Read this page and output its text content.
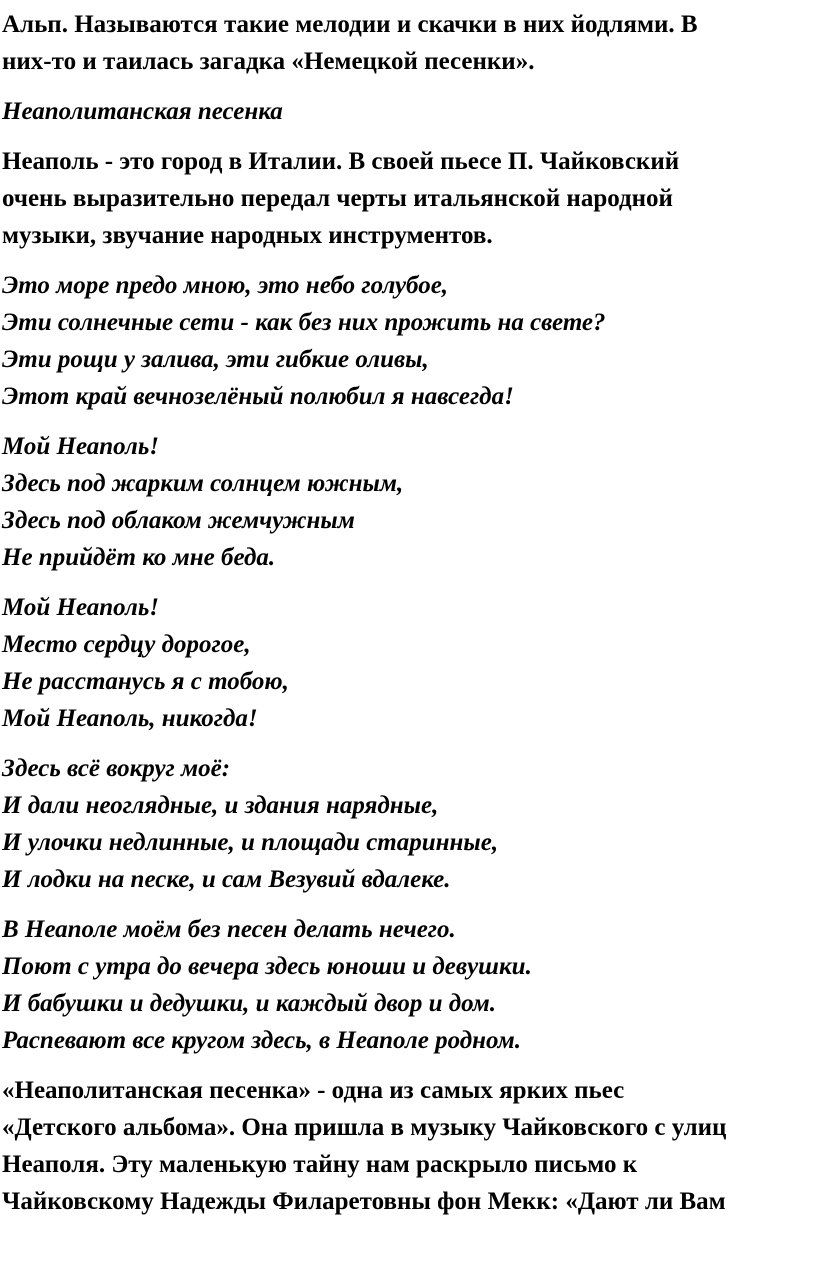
Альп. Называются такие мелодии и скачки в них йодлями. В
них-то и таилась загадка «Немецкой песенки».
Неаполитанская песенка
Неаполь - это город в Италии. В своей пьесе П. Чайковский
очень выразительно передал черты итальянской народной
музыки, звучание народных инструментов.
Это море предо мною, это небо голубое,
Эти солнечные сети - как без них прожить на свете?
Эти рощи у залива, эти гибкие оливы,
Этот край вечнозелёный полюбил я навсегда!
Мой Неаполь!
Здесь под жарким солнцем южным,
Здесь под облаком жемчужным
Не прийдёт ко мне беда.
Мой Неаполь!
Место сердцу дорогое,
Не расстанусь я с тобою,
Мой Неаполь, никогда!
Здесь всё вокруг моё:
И дали неоглядные, и здания нарядные,
И улочки недлинные, и площади старинные,
И лодки на песке, и сам Везувий вдалеке.
В Неаполе моём без песен делать нечего.
Поют с утра до вечера здесь юноши и девушки.
И бабушки и дедушки, и каждый двор и дом.
Распевают все кругом здесь, в Неаполе родном.
«Неаполитанская песенка» - одна из самых ярких пьес
«Детского альбома». Она пришла в музыку Чайковского с улиц
Неаполя. Эту маленькую тайну нам раскрыло письмо к
Чайковскому Надежды Филаретовны фон Мекк: «Дают ли Вам
